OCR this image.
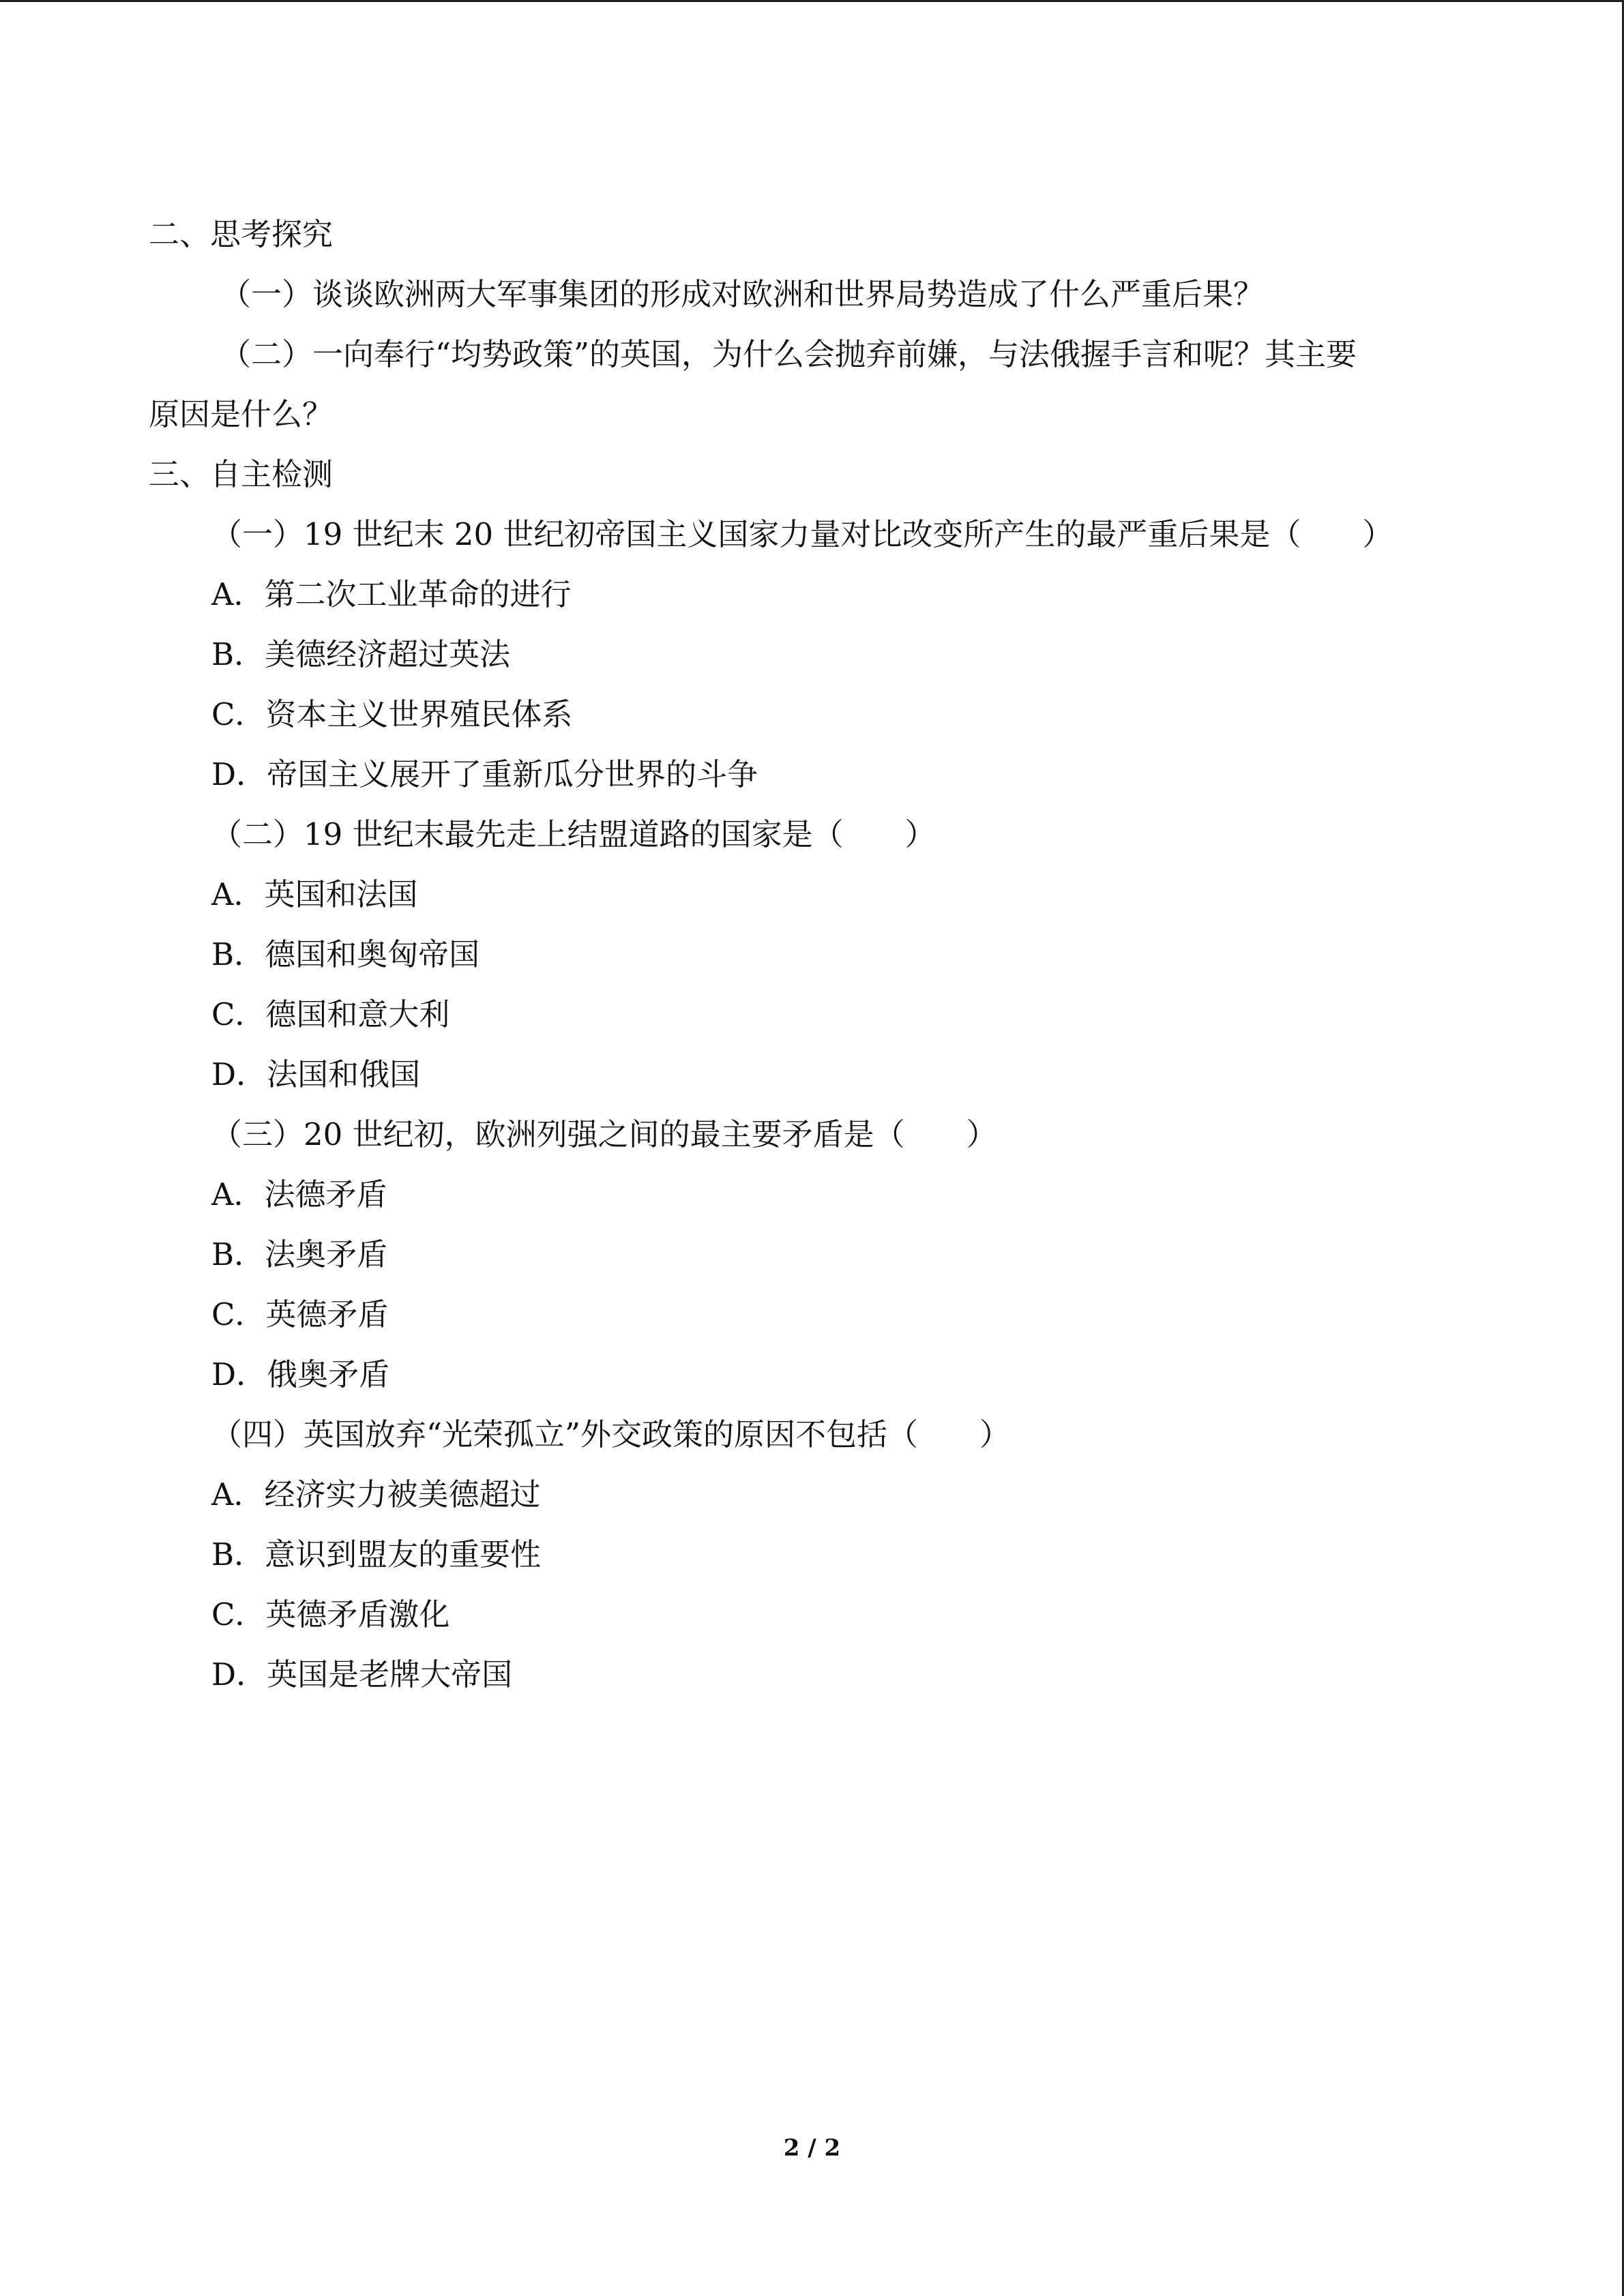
二、思考探究
（一）谈谈欧洲两大军事集团的形成对欧洲和世界局势造成了什么严重后果？
（二）一向奉行“均势政策”的英国，为什么会抛弃前嫌，与法俄握手言和呢？其主要
原因是什么？
三、自主检测
（一）19 世纪末 20 世纪初帝国主义国家力量对比改变所产生的最严重后果是（　　）
A．第二次工业革命的进行
B．美德经济超过英法
C．资本主义世界殖民体系
D．帝国主义展开了重新瓜分世界的斗争
（二）19 世纪末最先走上结盟道路的国家是（　　）
A．英国和法国
B．德国和奥匈帝国
C．德国和意大利
D．法国和俄国
（三）20 世纪初，欧洲列强之间的最主要矛盾是（　　）
A．法德矛盾
B．法奥矛盾
C．英德矛盾
D．俄奥矛盾
（四）英国放弃“光荣孤立”外交政策的原因不包括（　　）
A．经济实力被美德超过
B．意识到盟友的重要性
C．英德矛盾激化
D．英国是老牌大帝国
2 / 2
